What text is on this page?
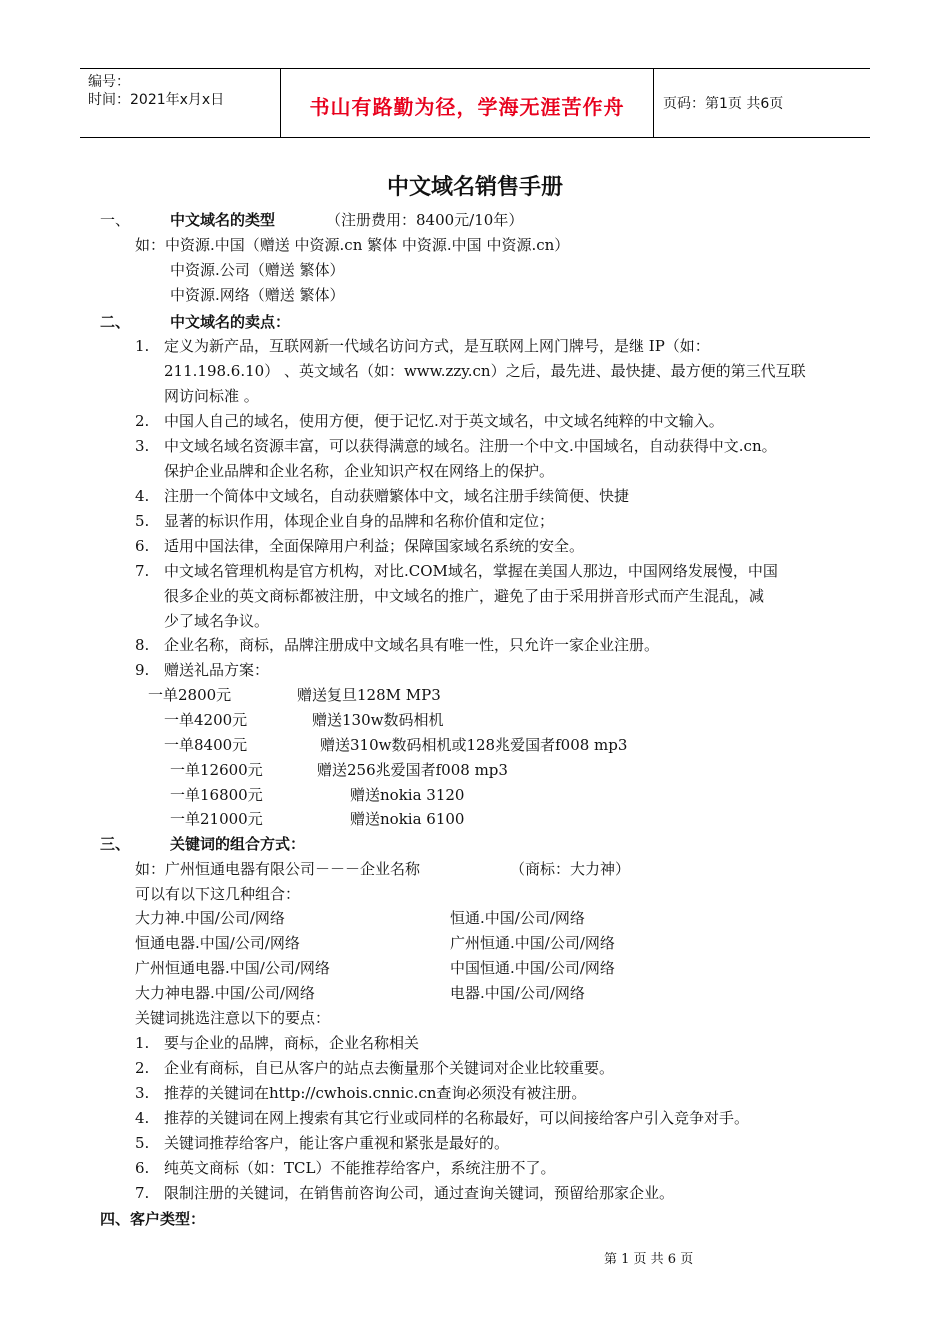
编号：
时间：2021年x月x日	书山有路勤为径，学海无涯苦作舟	页码：第1页 共6页
中文域名销售手册
一、	中文域名的类型	（注册费用：8400元/10年）
如：中资源.中国（赠送 中资源.cn 繁体 中资源.中国 中资源.cn）
中资源.公司（赠送 繁体）
中资源.网络（赠送 繁体）
二、	中文域名的卖点：
1. 定义为新产品，互联网新一代域名访问方式，是互联网上网门牌号，是继 IP（如：
211.198.6.10） 、英文域名（如：www.zzy.cn）之后，最先进、最快捷、最方便的第三代互联
网访问标准 。
2. 中国人自己的域名，使用方便，便于记忆.对于英文域名，中文域名纯粹的中文输入。
3. 中文域名域名资源丰富，可以获得满意的域名。注册一个中文.中国域名，自动获得中文.cn。
保护企业品牌和企业名称，企业知识产权在网络上的保护。
4. 注册一个简体中文域名，自动获赠繁体中文，域名注册手续简便、快捷
5. 显著的标识作用，体现企业自身的品牌和名称价值和定位；
6. 适用中国法律，全面保障用户利益；保障国家域名系统的安全。
7. 中文域名管理机构是官方机构，对比.COM域名，掌握在美国人那边，中国网络发展慢，中国
很多企业的英文商标都被注册，中文域名的推广，避免了由于采用拼音形式而产生混乱，减
少了域名争议。
8. 企业名称，商标，品牌注册成中文域名具有唯一性，只允许一家企业注册。
9. 赠送礼品方案：
一单2800元	赠送复旦128M MP3
一单4200元	赠送130w数码相机
一单8400元	赠送310w数码相机或128兆爱国者f008 mp3
一单12600元	赠送256兆爱国者f008 mp3
一单16800元	赠送nokia 3120
一单21000元	赠送nokia 6100
三、	关键词的组合方式：
如：广州恒通电器有限公司－－－企业名称	（商标：大力神）
可以有以下这几种组合：
大力神.中国/公司/网络	恒通.中国/公司/网络
恒通电器.中国/公司/网络	广州恒通.中国/公司/网络
广州恒通电器.中国/公司/网络	中国恒通.中国/公司/网络
大力神电器.中国/公司/网络	电器.中国/公司/网络
关键词挑选注意以下的要点：
1. 要与企业的品牌，商标，企业名称相关
2. 企业有商标，自已从客户的站点去衡量那个关键词对企业比较重要。
3. 推荐的关键词在http://cwhois.cnnic.cn查询必须没有被注册。
4. 推荐的关键词在网上搜索有其它行业或同样的名称最好，可以间接给客户引入竞争对手。
5. 关键词推荐给客户，能让客户重视和紧张是最好的。
6. 纯英文商标（如：TCL）不能推荐给客户，系统注册不了。
7. 限制注册的关键词，在销售前咨询公司，通过查询关键词，预留给那家企业。
四、客户类型：
第 1 页 共 6 页
